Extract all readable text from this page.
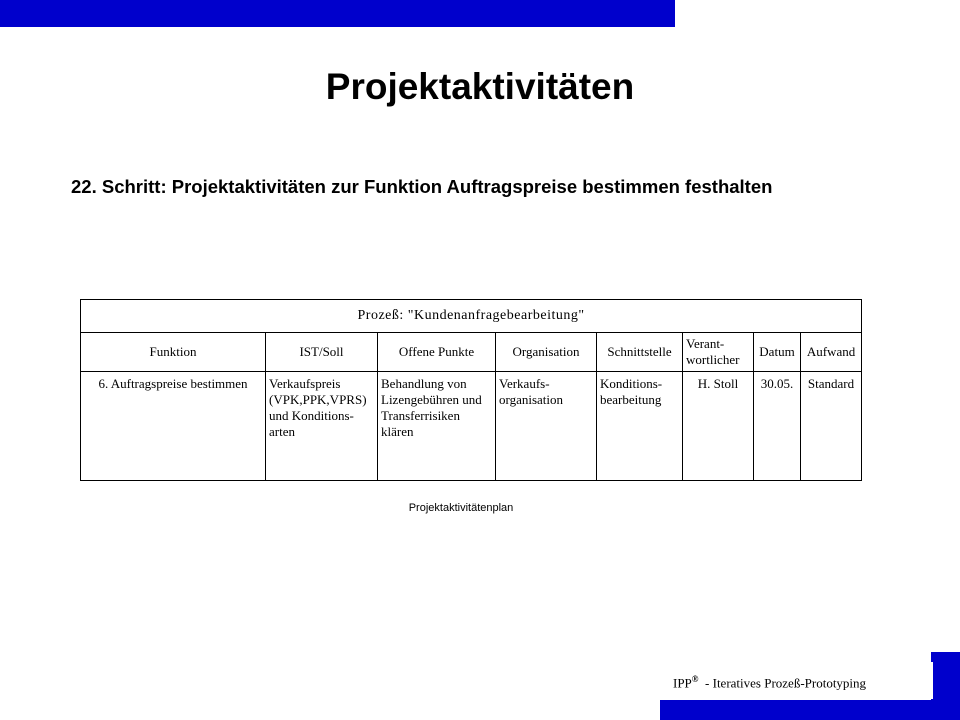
Projektaktivitäten
22. Schritt: Projektaktivitäten zur Funktion Auftragspreise bestimmen festhalten
Prozeß: "Kundenanfragebearbeitung"							
Funktion	IST/Soll	Offene Punkte	Organisation	Schnittstelle	Verant-
wortlicher	Datum	Aufwand
6. Auftragspreise bestimmen	Verkaufspreis
(VPK,PPK,VPRS)
und Konditions-
arten	Behandlung von
Lizengebühren und
Transferrisiken
klären	Verkaufs-
organisation	Konditions-
bearbeitung	H. Stoll	30.05.	Standard
Projektaktivitätenplan
IPP® - Iteratives Prozeß-Prototyping
